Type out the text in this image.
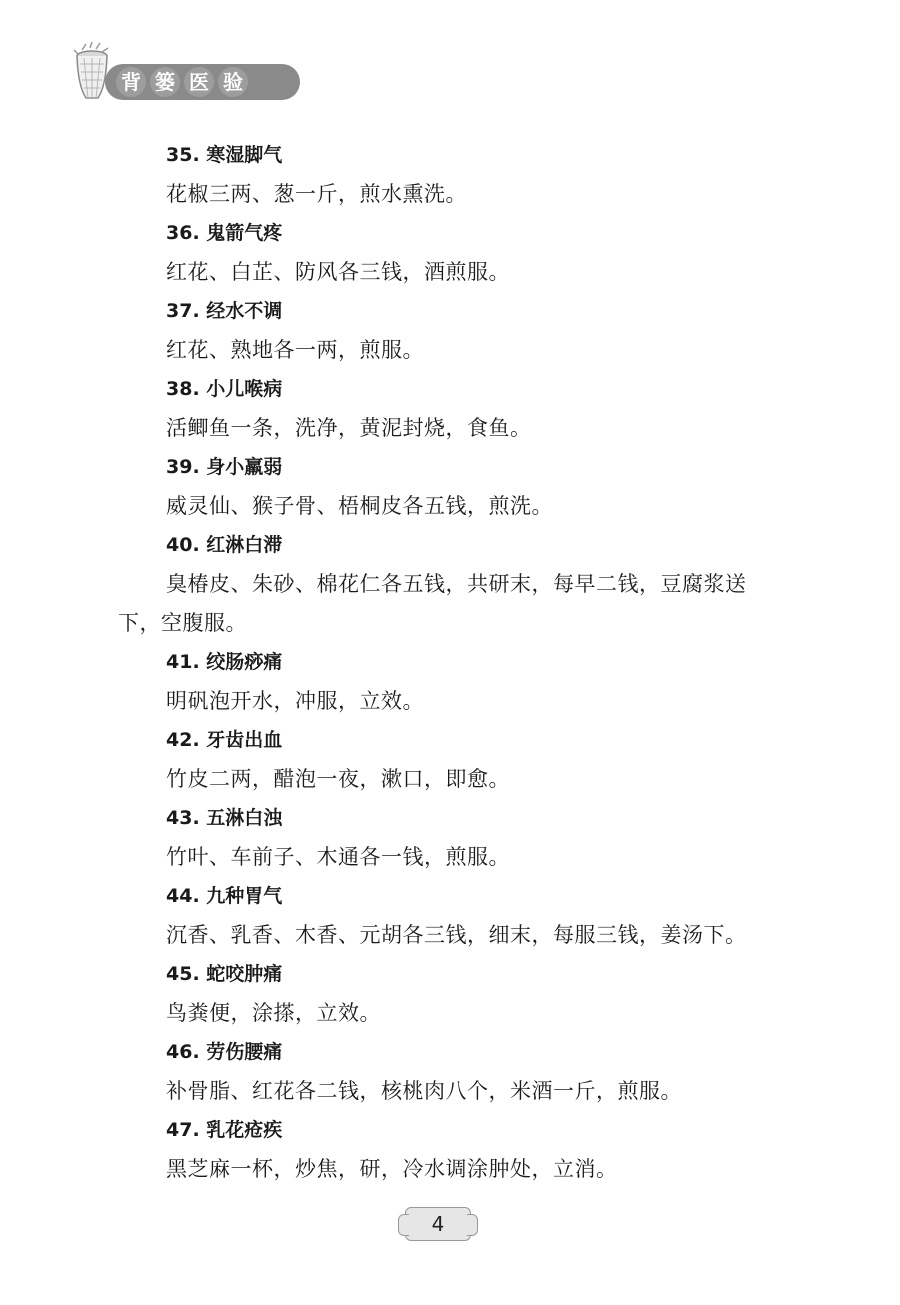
背 篓 医 验
35. 寒湿脚气
花椒三两、葱一斤，煎水熏洗。
36. 鬼箭气疼
红花、白芷、防风各三钱，酒煎服。
37. 经水不调
红花、熟地各一两，煎服。
38. 小儿喉病
活鲫鱼一条，洗净，黄泥封烧，食鱼。
39. 身小羸弱
威灵仙、猴子骨、梧桐皮各五钱，煎洗。
40. 红淋白滞
臭椿皮、朱砂、棉花仁各五钱，共研末，每早二钱，豆腐浆送下，空腹服。
41. 绞肠痧痛
明矾泡开水，冲服，立效。
42. 牙齿出血
竹皮二两，醋泡一夜，漱口，即愈。
43. 五淋白浊
竹叶、车前子、木通各一钱，煎服。
44. 九种胃气
沉香、乳香、木香、元胡各三钱，细末，每服三钱，姜汤下。
45. 蛇咬肿痛
鸟粪便，涂搽，立效。
46. 劳伤腰痛
补骨脂、红花各二钱，核桃肉八个，米酒一斤，煎服。
47. 乳花疮疾
黑芝麻一杯，炒焦，研，冷水调涂肿处，立消。
4
